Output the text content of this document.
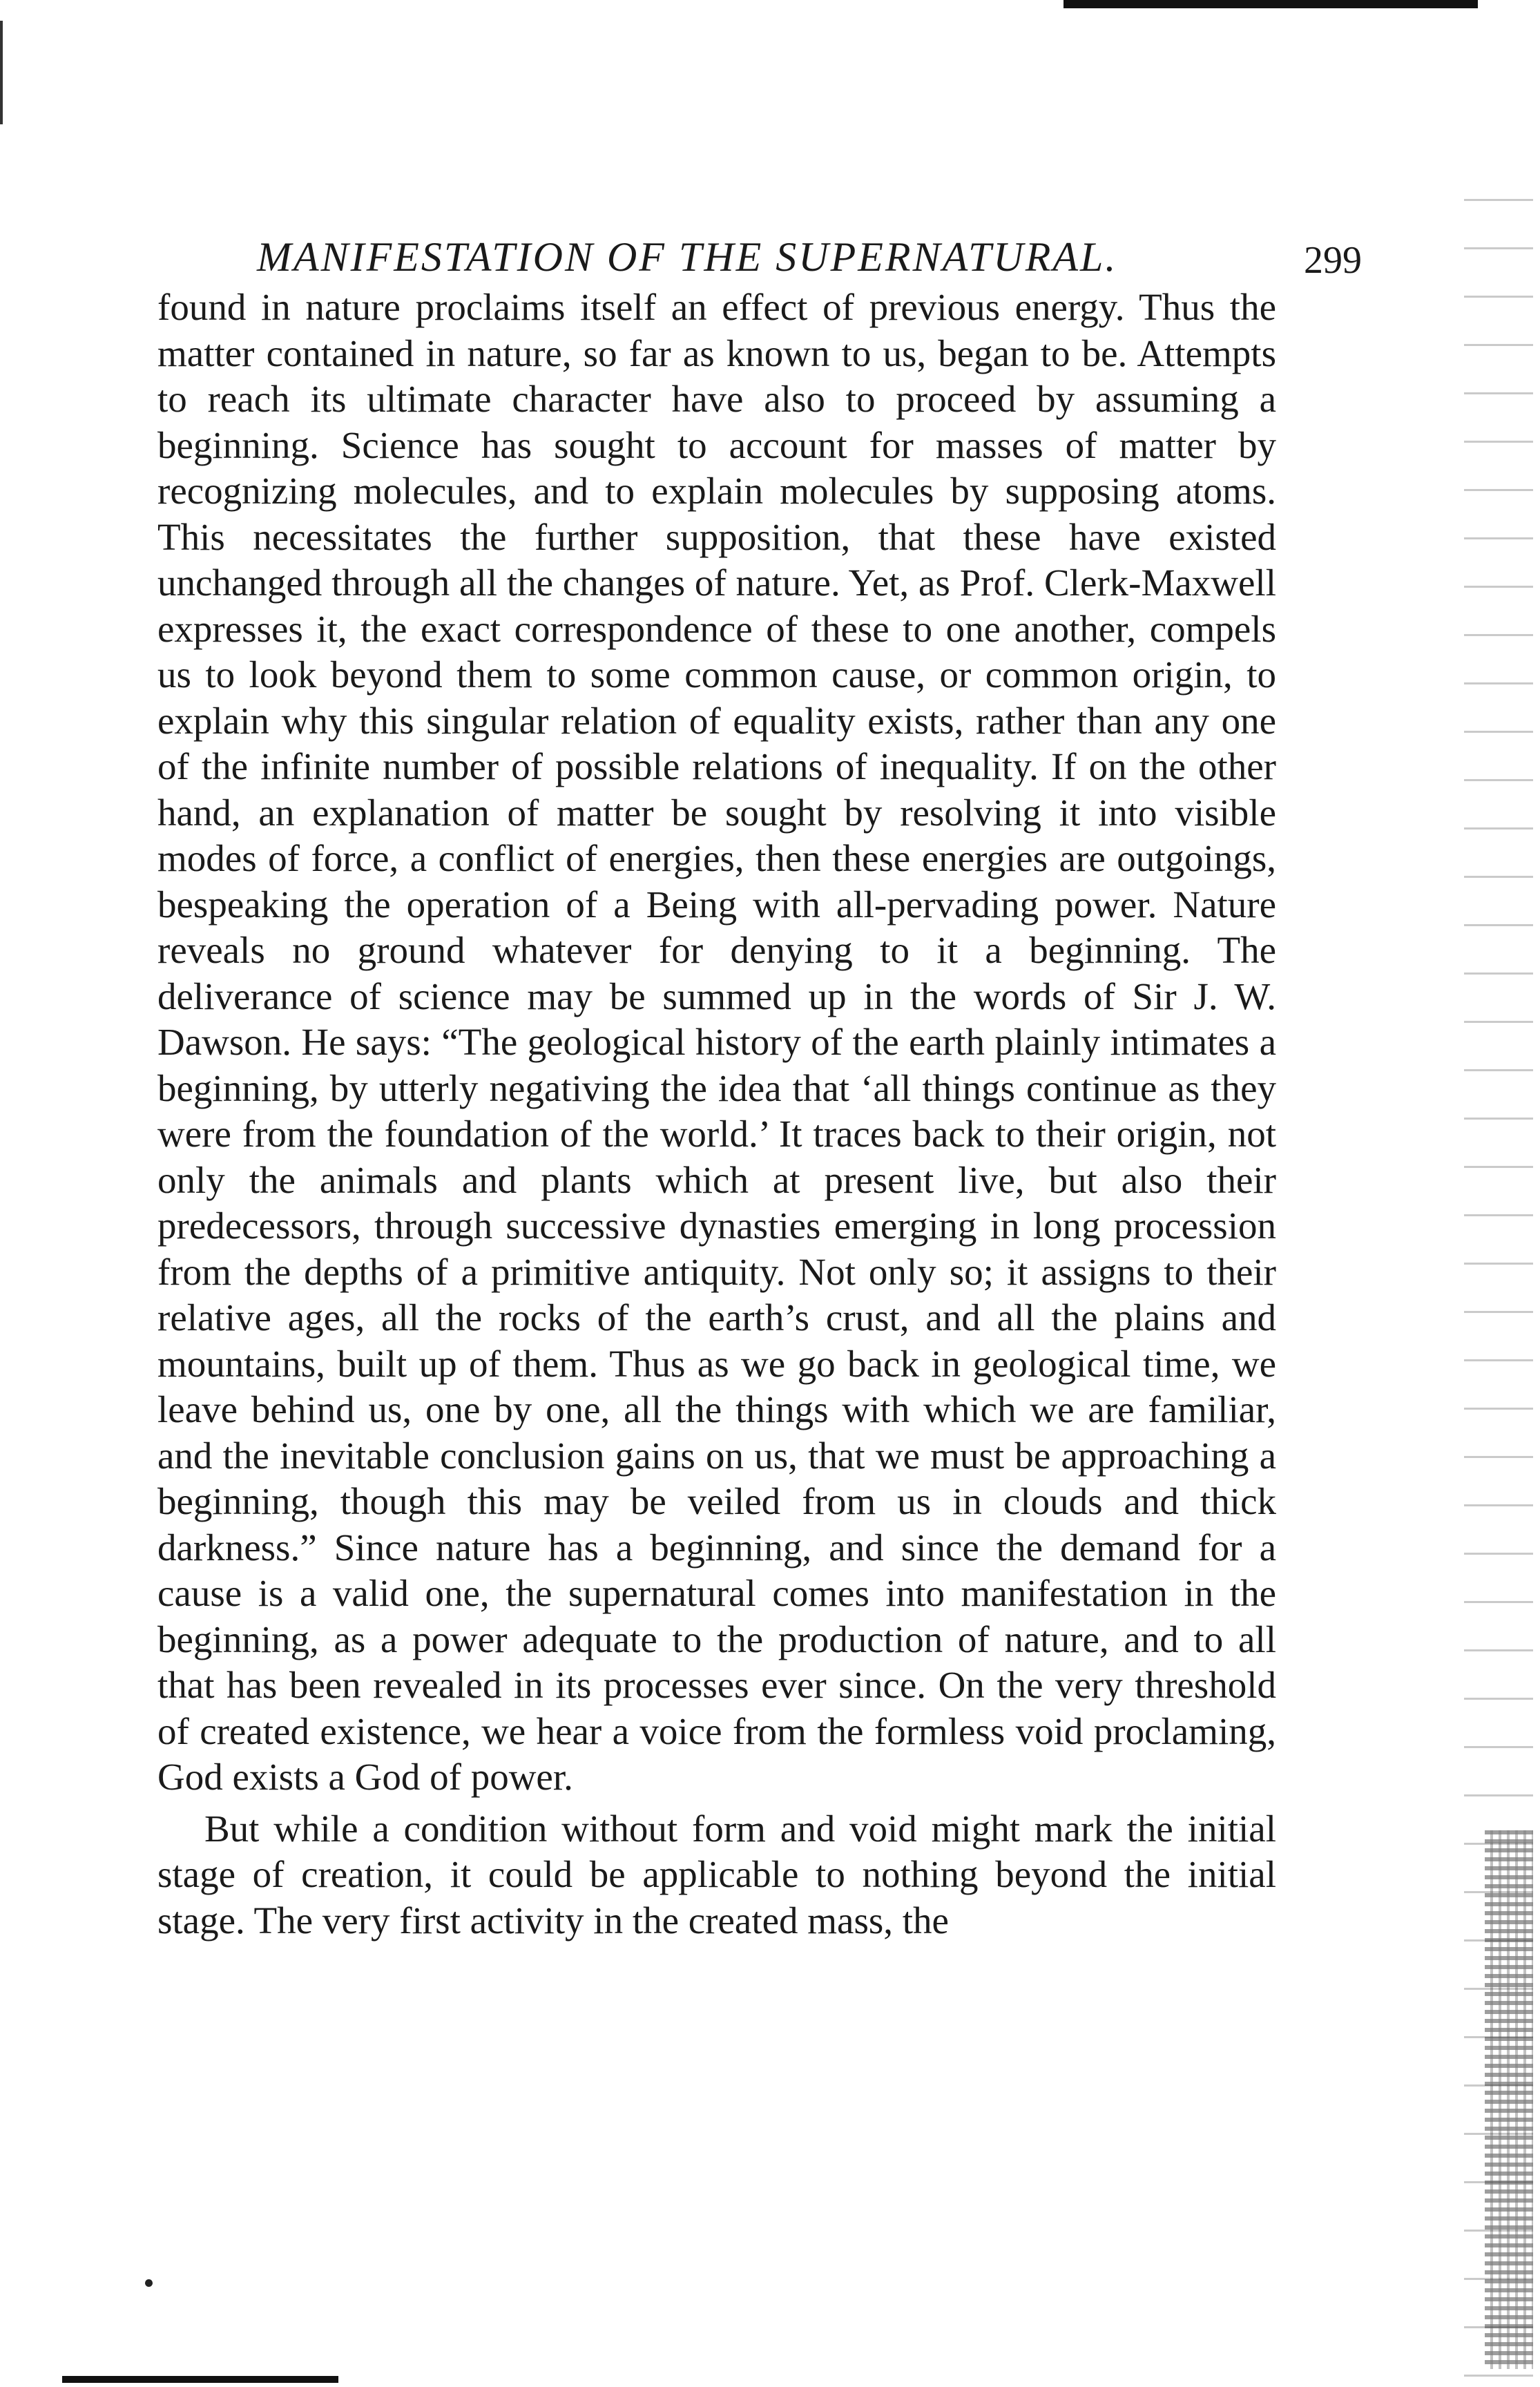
MANIFESTATION OF THE SUPERNATURAL.	299

found in nature proclaims itself an effect of previous energy. Thus the matter contained in nature, so far as known to us, began to be. Attempts to reach its ultimate character have also to proceed by assuming a beginning. Science has sought to account for masses of matter by recognizing molecules, and to explain molecules by supposing atoms. This necessitates the further supposition, that these have existed unchanged through all the changes of nature. Yet, as Prof. Clerk-Maxwell expresses it, the exact correspondence of these to one another, compels us to look beyond them to some common cause, or common origin, to explain why this singular relation of equality exists, rather than any one of the infinite number of possible relations of inequality. If on the other hand, an explanation of matter be sought by resolving it into visible modes of force, a conflict of energies, then these energies are outgoings, bespeaking the operation of a Being with all-pervading power. Nature reveals no ground whatever for denying to it a beginning. The deliverance of science may be summed up in the words of Sir J. W. Dawson. He says: “The geological history of the earth plainly intimates a beginning, by utterly negativing the idea that ‘all things continue as they were from the foundation of the world.’ It traces back to their origin, not only the animals and plants which at present live, but also their predecessors, through successive dynasties emerging in long procession from the depths of a primitive antiquity. Not only so; it assigns to their relative ages, all the rocks of the earth’s crust, and all the plains and mountains, built up of them. Thus as we go back in geological time, we leave behind us, one by one, all the things with which we are familiar, and the inevitable conclusion gains on us, that we must be approaching a beginning, though this may be veiled from us in clouds and thick darkness.” Since nature has a beginning, and since the demand for a cause is a valid one, the supernatural comes into manifestation in the beginning, as a power adequate to the production of nature, and to all that has been revealed in its processes ever since. On the very threshold of created existence, we hear a voice from the formless void proclaming, God exists a God of power.

But while a condition without form and void might mark the initial stage of creation, it could be applicable to nothing beyond the initial stage. The very first activity in the created mass, the
